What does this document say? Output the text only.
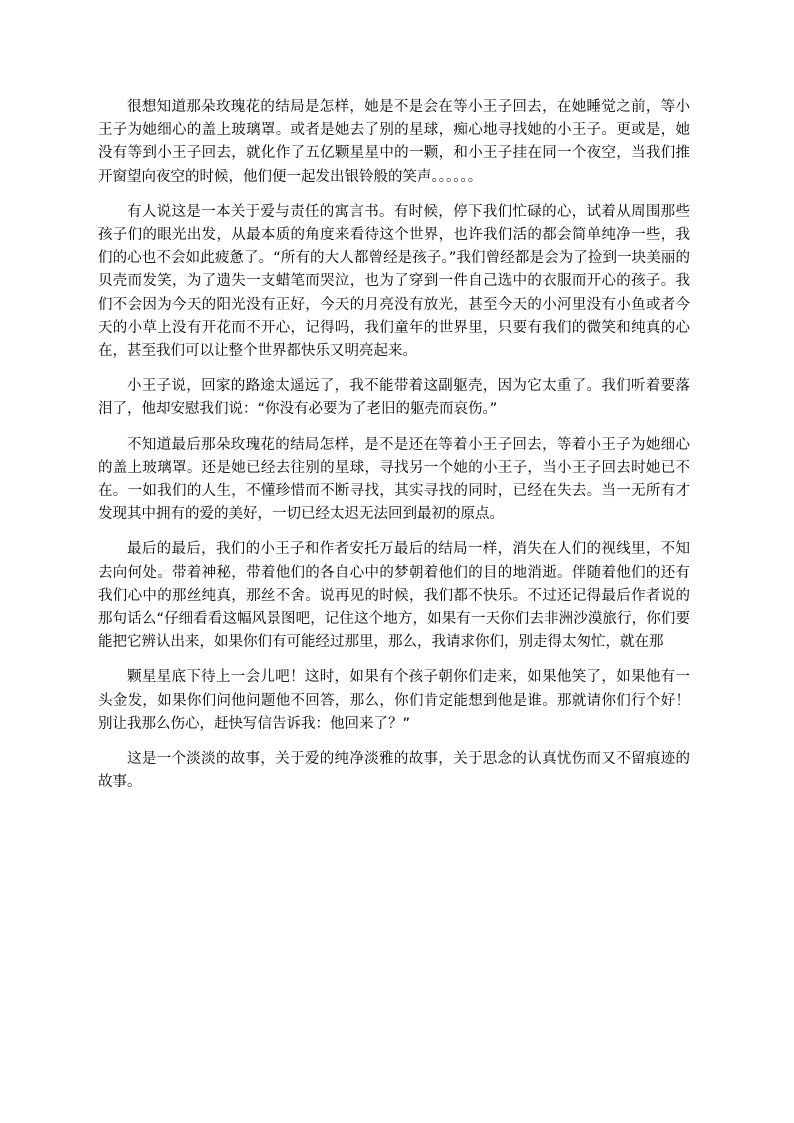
很想知道那朵玫瑰花的结局是怎样，她是不是会在等小王子回去，在她睡觉之前，等小王子为她细心的盖上玻璃罩。或者是她去了别的星球，痴心地寻找她的小王子。更或是，她没有等到小王子回去，就化作了五亿颗星星中的一颗，和小王子挂在同一个夜空，当我们推开窗望向夜空的时候，他们便一起发出银铃般的笑声。。。。。。

有人说这是一本关于爱与责任的寓言书。有时候，停下我们忙碌的心，试着从周围那些孩子们的眼光出发，从最本质的角度来看待这个世界，也许我们活的都会简单纯净一些，我们的心也不会如此疲惫了。“所有的大人都曾经是孩子。”我们曾经都是会为了捡到一块美丽的贝壳而发笑，为了遗失一支蜡笔而哭泣，也为了穿到一件自己选中的衣服而开心的孩子。我们不会因为今天的阳光没有正好，今天的月亮没有放光，甚至今天的小河里没有小鱼或者今天的小草上没有开花而不开心，记得吗，我们童年的世界里，只要有我们的微笑和纯真的心在，甚至我们可以让整个世界都快乐又明亮起来。

小王子说，回家的路途太遥远了，我不能带着这副躯壳，因为它太重了。我们听着要落泪了，他却安慰我们说：“你没有必要为了老旧的躯壳而哀伤。”

不知道最后那朵玫瑰花的结局怎样，是不是还在等着小王子回去，等着小王子为她细心的盖上玻璃罩。还是她已经去往别的星球，寻找另一个她的小王子，当小王子回去时她已不在。一如我们的人生，不懂珍惜而不断寻找，其实寻找的同时，已经在失去。当一无所有才发现其中拥有的爱的美好，一切已经太迟无法回到最初的原点。

最后的最后，我们的小王子和作者安托万最后的结局一样，消失在人们的视线里，不知去向何处。带着神秘，带着他们的各自心中的梦朝着他们的目的地消逝。伴随着他们的还有我们心中的那丝纯真，那丝不舍。说再见的时候，我们都不快乐。不过还记得最后作者说的那句话么“仔细看看这幅风景图吧，记住这个地方，如果有一天你们去非洲沙漠旅行，你们要能把它辨认出来，如果你们有可能经过那里，那么，我请求你们，别走得太匆忙，就在那

颗星星底下待上一会儿吧！这时，如果有个孩子朝你们走来，如果他笑了，如果他有一头金发，如果你们问他问题他不回答，那么，你们肯定能想到他是谁。那就请你们行个好！别让我那么伤心，赶快写信告诉我：他回来了？”

这是一个淡淡的故事，关于爱的纯净淡雅的故事，关于思念的认真忧伤而又不留痕迹的故事。
